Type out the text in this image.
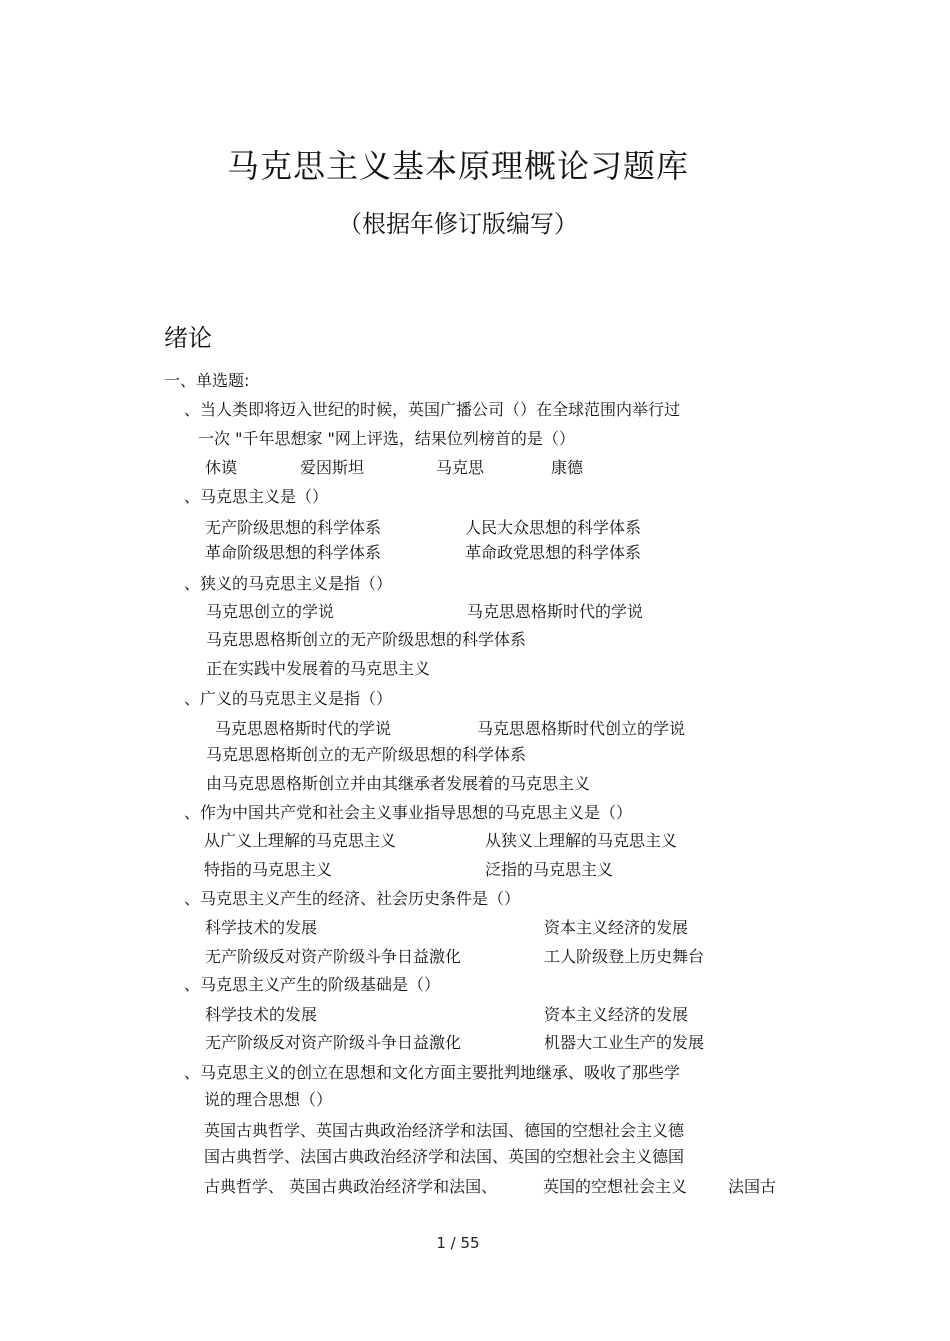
马克思主义基本原理概论习题库
（根据年修订版编写）
绪论
一、单选题:
、当人类即将迈入世纪的时候，英国广播公司（）在全球范围内举行过
一次 "千年思想家 "网上评选，结果位列榜首的是（）
休谟	爱因斯坦	马克思	康德
、马克思主义是（）
无产阶级思想的科学体系	人民大众思想的科学体系
革命阶级思想的科学体系	革命政党思想的科学体系
、狭义的马克思主义是指（）
马克思创立的学说	马克思恩格斯时代的学说
马克思恩格斯创立的无产阶级思想的科学体系
正在实践中发展着的马克思主义
、广义的马克思主义是指（）
马克思恩格斯时代的学说	马克思恩格斯时代创立的学说
马克思恩格斯创立的无产阶级思想的科学体系
由马克思恩格斯创立并由其继承者发展着的马克思主义
、作为中国共产党和社会主义事业指导思想的马克思主义是（）
从广义上理解的马克思主义	从狭义上理解的马克思主义
特指的马克思主义	泛指的马克思主义
、马克思主义产生的经济、社会历史条件是（）
科学技术的发展	资本主义经济的发展
无产阶级反对资产阶级斗争日益激化	工人阶级登上历史舞台
、马克思主义产生的阶级基础是（）
科学技术的发展	资本主义经济的发展
无产阶级反对资产阶级斗争日益激化	机器大工业生产的发展
、马克思主义的创立在思想和文化方面主要批判地继承、吸收了那些学
说的理合思想（）
英国古典哲学、英国古典政治经济学和法国、德国的空想社会主义德
国古典哲学、法国古典政治经济学和法国、英国的空想社会主义德国
古典哲学、 英国古典政治经济学和法国、	英国的空想社会主义	法国古
1 / 55
